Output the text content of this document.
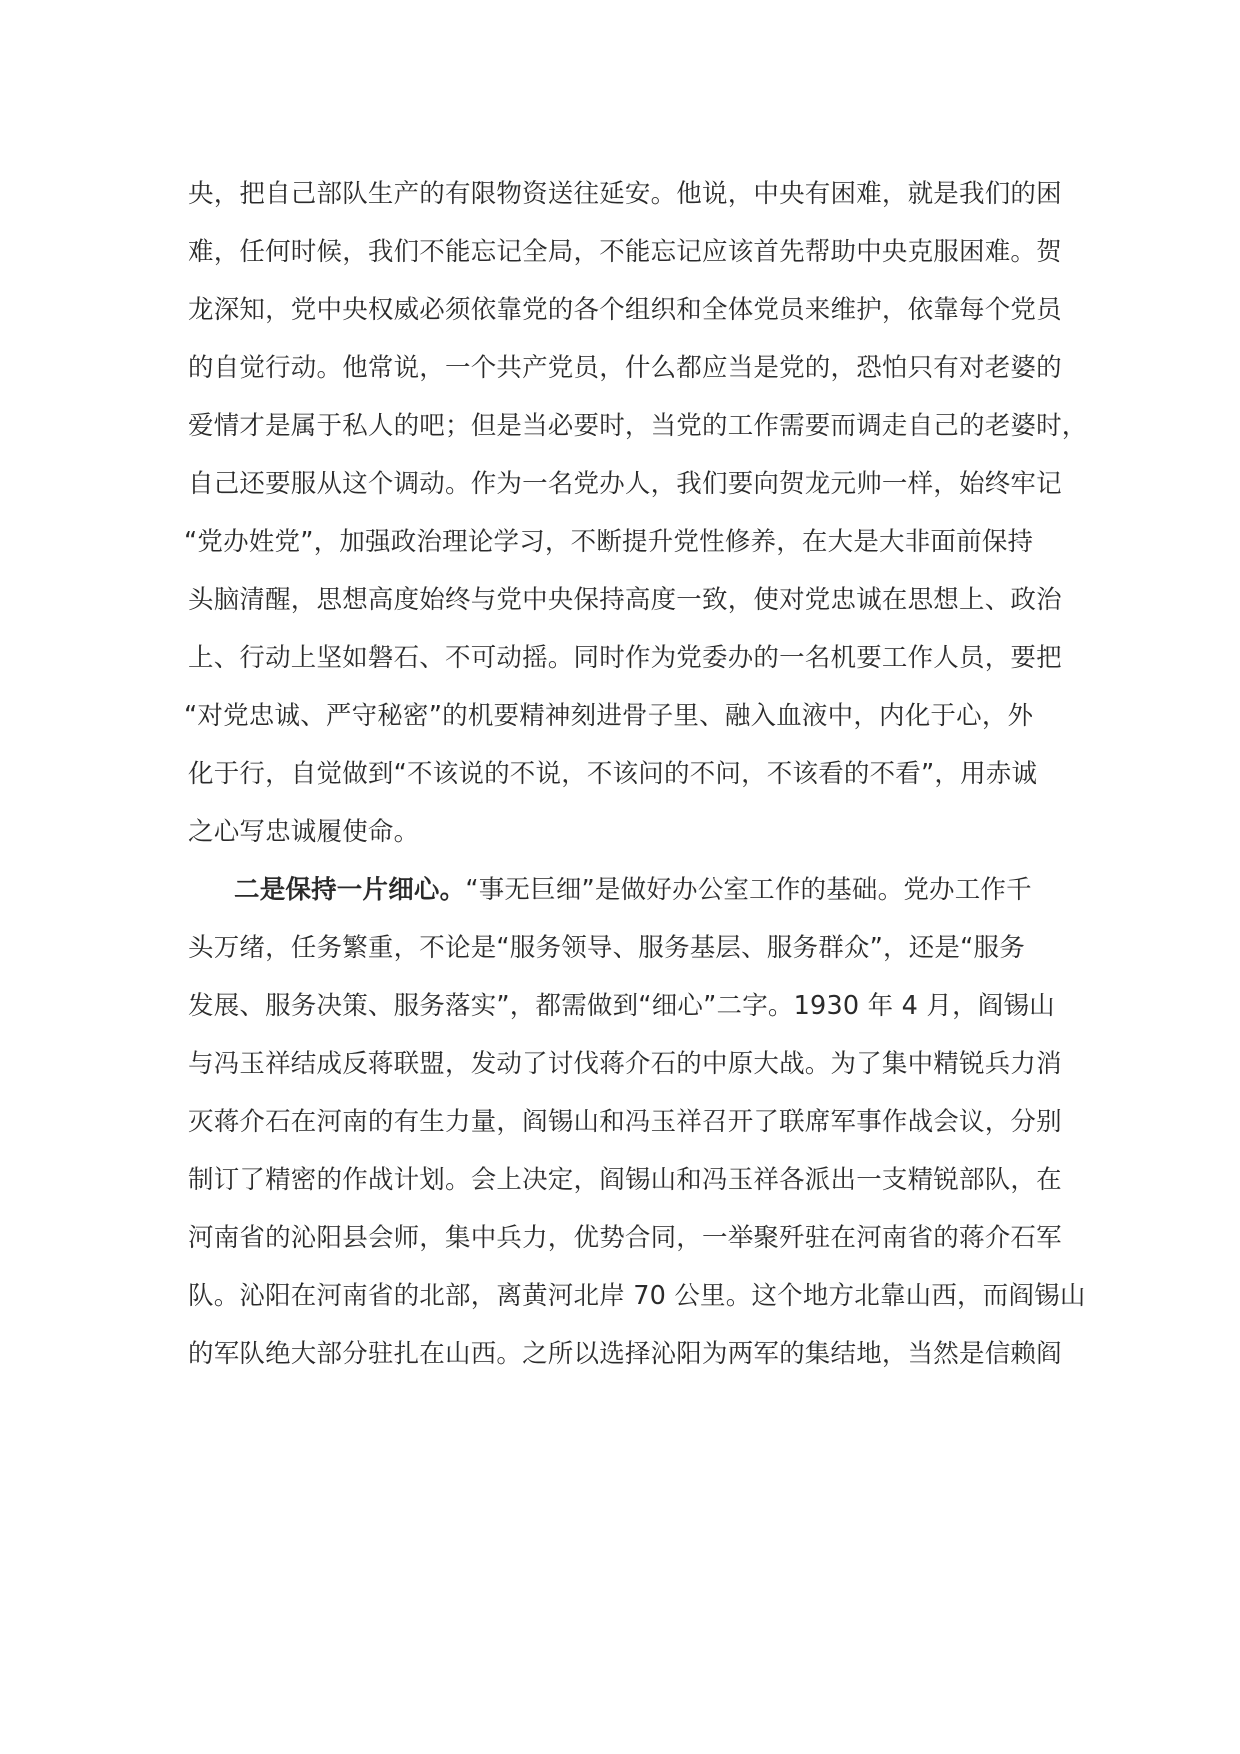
央，把自己部队生产的有限物资送往延安。他说，中央有困难，就是我们的困
难，任何时候，我们不能忘记全局，不能忘记应该首先帮助中央克服困难。贺
龙深知，党中央权威必须依靠党的各个组织和全体党员来维护，依靠每个党员
的自觉行动。他常说，一个共产党员，什么都应当是党的，恐怕只有对老婆的
爱情才是属于私人的吧；但是当必要时，当党的工作需要而调走自己的老婆时，
自己还要服从这个调动。作为一名党办人，我们要向贺龙元帅一样，始终牢记
“党办姓党”，加强政治理论学习，不断提升党性修养，在大是大非面前保持
头脑清醒，思想高度始终与党中央保持高度一致，使对党忠诚在思想上、政治
上、行动上坚如磐石、不可动摇。同时作为党委办的一名机要工作人员，要把
“对党忠诚、严守秘密”的机要精神刻进骨子里、融入血液中，内化于心，外
化于行，自觉做到“不该说的不说，不该问的不问，不该看的不看”，用赤诚
之心写忠诚履使命。
二是保持一片细心。“事无巨细”是做好办公室工作的基础。党办工作千
头万绪，任务繁重，不论是“服务领导、服务基层、服务群众”，还是“服务
发展、服务决策、服务落实”，都需做到“细心”二字。1930 年 4 月，阎锡山
与冯玉祥结成反蒋联盟，发动了讨伐蒋介石的中原大战。为了集中精锐兵力消
灭蒋介石在河南的有生力量，阎锡山和冯玉祥召开了联席军事作战会议，分别
制订了精密的作战计划。会上决定，阎锡山和冯玉祥各派出一支精锐部队，在
河南省的沁阳县会师，集中兵力，优势合同，一举聚歼驻在河南省的蒋介石军
队。沁阳在河南省的北部，离黄河北岸 70 公里。这个地方北靠山西，而阎锡山
的军队绝大部分驻扎在山西。之所以选择沁阳为两军的集结地，当然是信赖阎
